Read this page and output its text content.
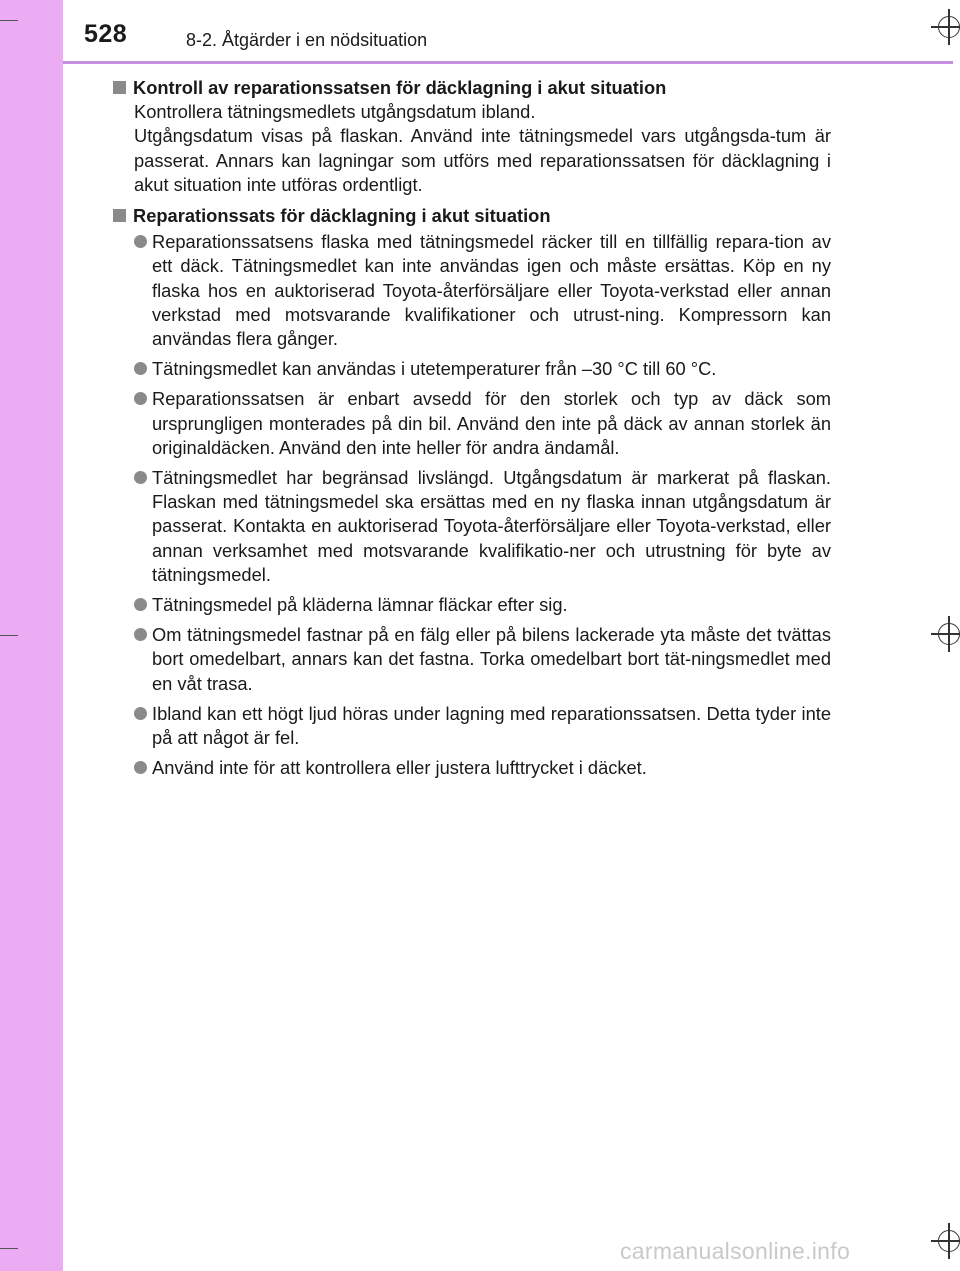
528	8-2. Åtgärder i en nödsituation
Kontroll av reparationssatsen för däcklagning i akut situation
Kontrollera tätningsmedlets utgångsdatum ibland.
Utgångsdatum visas på flaskan. Använd inte tätningsmedel vars utgångsda-tum är passerat. Annars kan lagningar som utförs med reparationssatsen för däcklagning i akut situation inte utföras ordentligt.
Reparationssats för däcklagning i akut situation
Reparationssatsens flaska med tätningsmedel räcker till en tillfällig repara-tion av ett däck. Tätningsmedlet kan inte användas igen och måste ersättas. Köp en ny flaska hos en auktoriserad Toyota-återförsäljare eller Toyota-verkstad eller annan verkstad med motsvarande kvalifikationer och utrust-ning. Kompressorn kan användas flera gånger.
Tätningsmedlet kan användas i utetemperaturer från –30 °C till 60 °C.
Reparationssatsen är enbart avsedd för den storlek och typ av däck som ursprungligen monterades på din bil. Använd den inte på däck av annan storlek än originaldäcken. Använd den inte heller för andra ändamål.
Tätningsmedlet har begränsad livslängd. Utgångsdatum är markerat på flaskan. Flaskan med tätningsmedel ska ersättas med en ny flaska innan utgångsdatum är passerat. Kontakta en auktoriserad Toyota-återförsäljare eller Toyota-verkstad, eller annan verksamhet med motsvarande kvalifikatio-ner och utrustning för byte av tätningsmedel.
Tätningsmedel på kläderna lämnar fläckar efter sig.
Om tätningsmedel fastnar på en fälg eller på bilens lackerade yta måste det tvättas bort omedelbart, annars kan det fastna. Torka omedelbart bort tät-ningsmedlet med en våt trasa.
Ibland kan ett högt ljud höras under lagning med reparationssatsen. Detta tyder inte på att något är fel.
Använd inte för att kontrollera eller justera lufttrycket i däcket.
carmanualsonline.info
